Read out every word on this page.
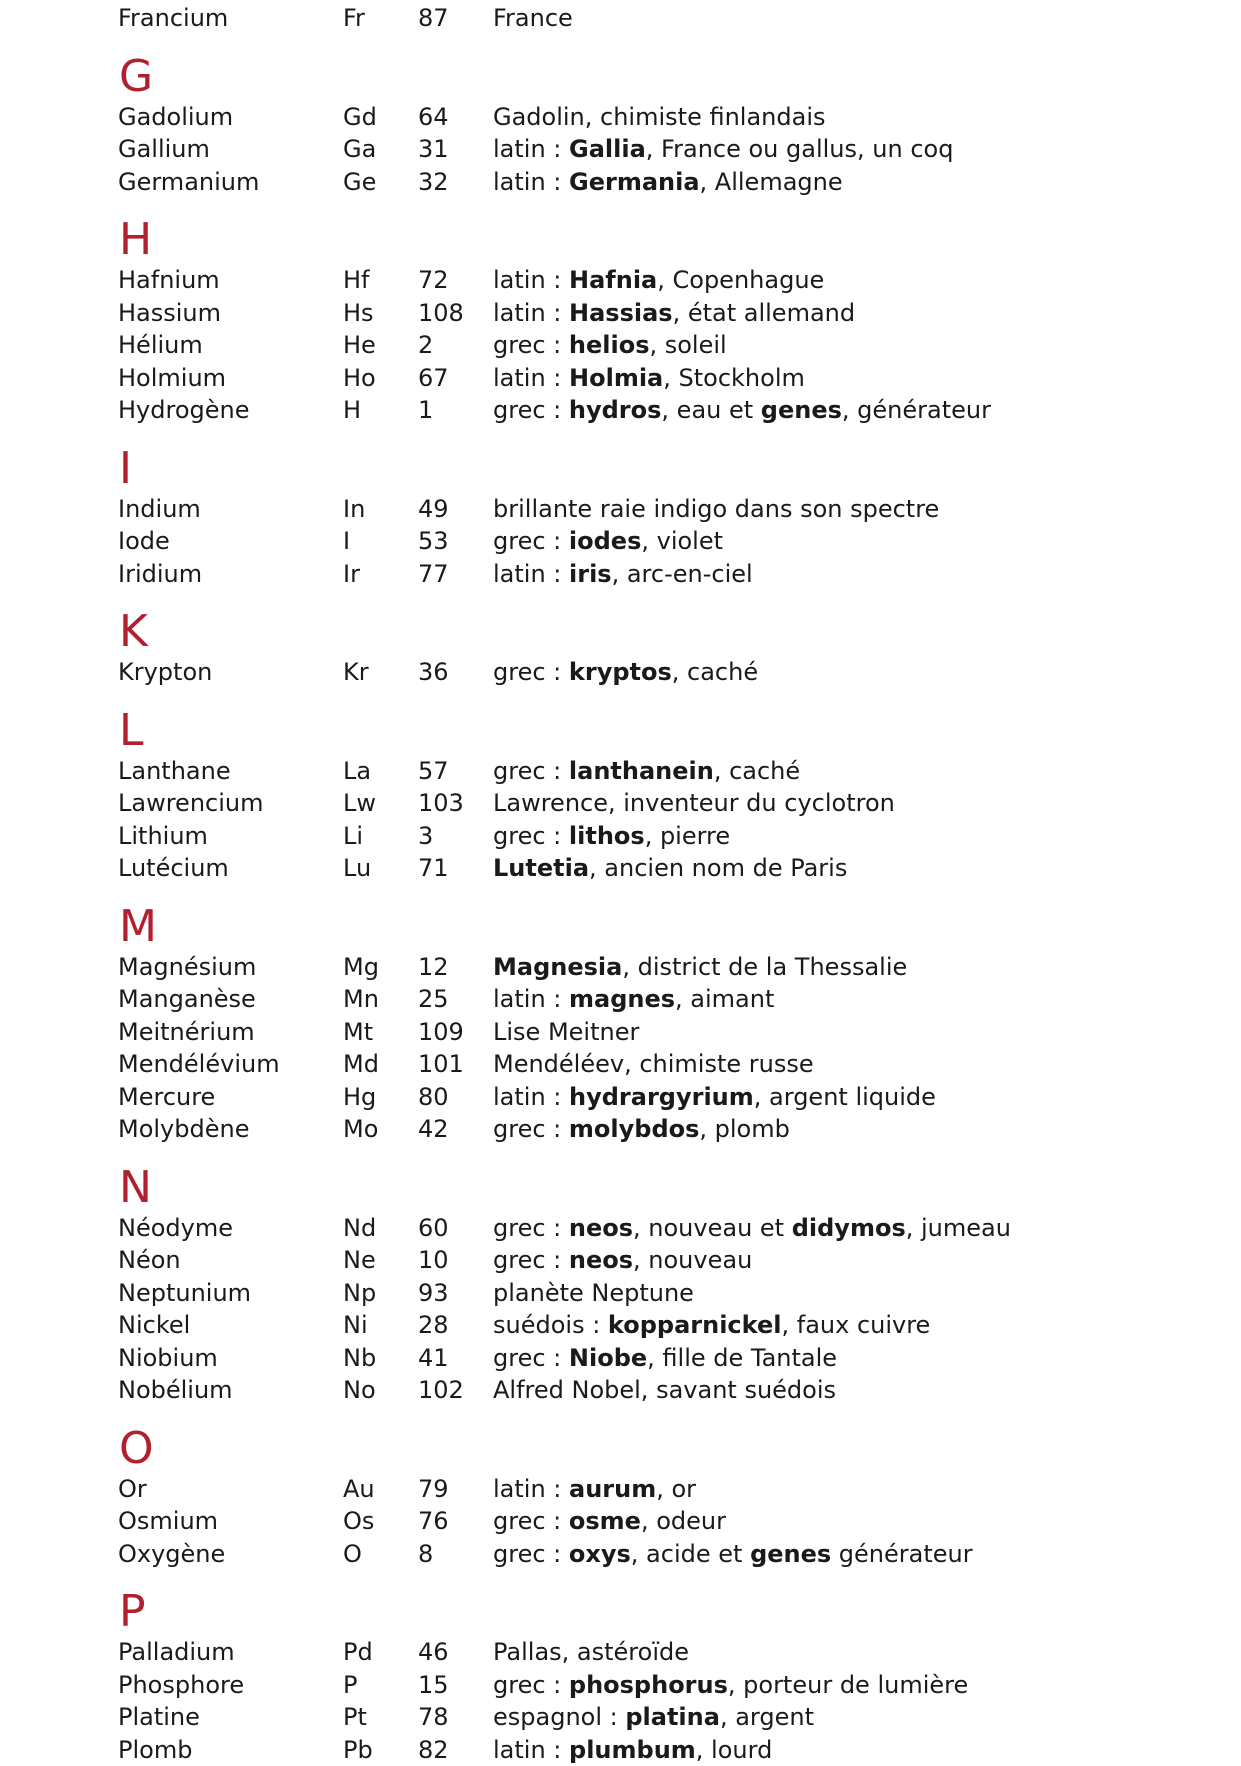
Francium	Fr	87	France
G
Gadolium	Gd	64	Gadolin, chimiste finlandais
Gallium	Ga	31	latin : Gallia, France ou gallus, un coq
Germanium	Ge	32	latin : Germania, Allemagne
H
Hafnium	Hf	72	latin : Hafnia, Copenhague
Hassium	Hs	108	latin : Hassias, état allemand
Hélium	He	2	grec : helios, soleil
Holmium	Ho	67	latin : Holmia, Stockholm
Hydrogène	H	1	grec : hydros, eau et genes, générateur
I
Indium	In	49	brillante raie indigo dans son spectre
Iode	I	53	grec : iodes, violet
Iridium	Ir	77	latin : iris, arc-en-ciel
K
Krypton	Kr	36	grec : kryptos, caché
L
Lanthane	La	57	grec : lanthanein, caché
Lawrencium	Lw	103	Lawrence, inventeur du cyclotron
Lithium	Li	3	grec : lithos, pierre
Lutécium	Lu	71	Lutetia, ancien nom de Paris
M
Magnésium	Mg	12	Magnesia, district de la Thessalie
Manganèse	Mn	25	latin : magnes, aimant
Meitnérium	Mt	109	Lise Meitner
Mendélévium	Md	101	Mendéléev, chimiste russe
Mercure	Hg	80	latin : hydrargyrium, argent liquide
Molybdène	Mo	42	grec : molybdos, plomb
N
Néodyme	Nd	60	grec : neos, nouveau et didymos, jumeau
Néon	Ne	10	grec : neos, nouveau
Neptunium	Np	93	planète Neptune
Nickel	Ni	28	suédois : kopparnickel, faux cuivre
Niobium	Nb	41	grec : Niobe, fille de Tantale
Nobélium	No	102	Alfred Nobel, savant suédois
O
Or	Au	79	latin : aurum, or
Osmium	Os	76	grec : osme, odeur
Oxygène	O	8	grec : oxys, acide et genes générateur
P
Palladium	Pd	46	Pallas, astéroïde
Phosphore	P	15	grec : phosphorus, porteur de lumière
Platine	Pt	78	espagnol : platina, argent
Plomb	Pb	82	latin : plumbum, lourd
